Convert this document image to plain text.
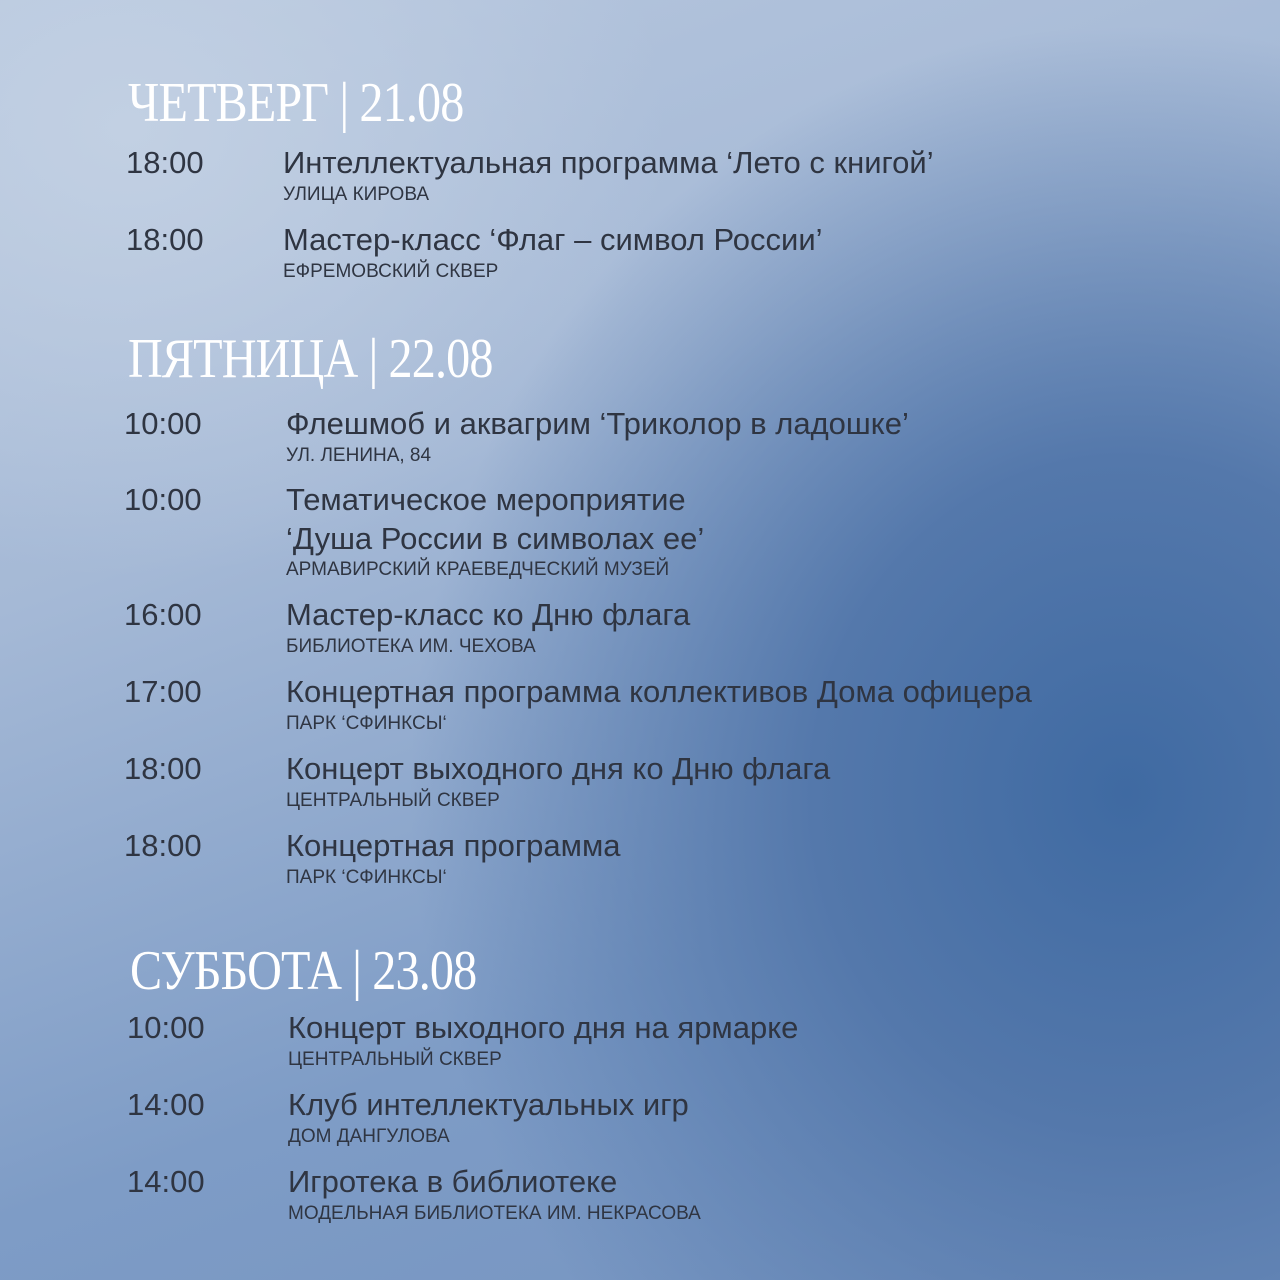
ЧЕТВЕРГ | 21.08
18:00	Интеллектуальная программа ‘Лето с книгой’
УЛИЦА КИРОВА
18:00	Мастер-класс ‘Флаг – символ России’
ЕФРЕМОВСКИЙ СКВЕР
ПЯТНИЦА | 22.08
10:00	Флешмоб и аквагрим ‘Триколор в ладошке’
УЛ. ЛЕНИНА, 84
10:00	Тематическое мероприятие
‘Душа России в символах ее’
АРМАВИРСКИЙ КРАЕВЕДЧЕСКИЙ МУЗЕЙ
16:00	Мастер-класс ко Дню флага
БИБЛИОТЕКА ИМ. ЧЕХОВА
17:00	Концертная программа коллективов Дома офицера
ПАРК ‘СФИНКСЫ‘
18:00	Концерт выходного дня ко Дню флага
ЦЕНТРАЛЬНЫЙ СКВЕР
18:00	Концертная программа
ПАРК ‘СФИНКСЫ‘
СУББОТА | 23.08
10:00	Концерт выходного дня на ярмарке
ЦЕНТРАЛЬНЫЙ СКВЕР
14:00	Клуб интеллектуальных игр
ДОМ ДАНГУЛОВА
14:00	Игротека в библиотеке
МОДЕЛЬНАЯ БИБЛИОТЕКА ИМ. НЕКРАСОВА
